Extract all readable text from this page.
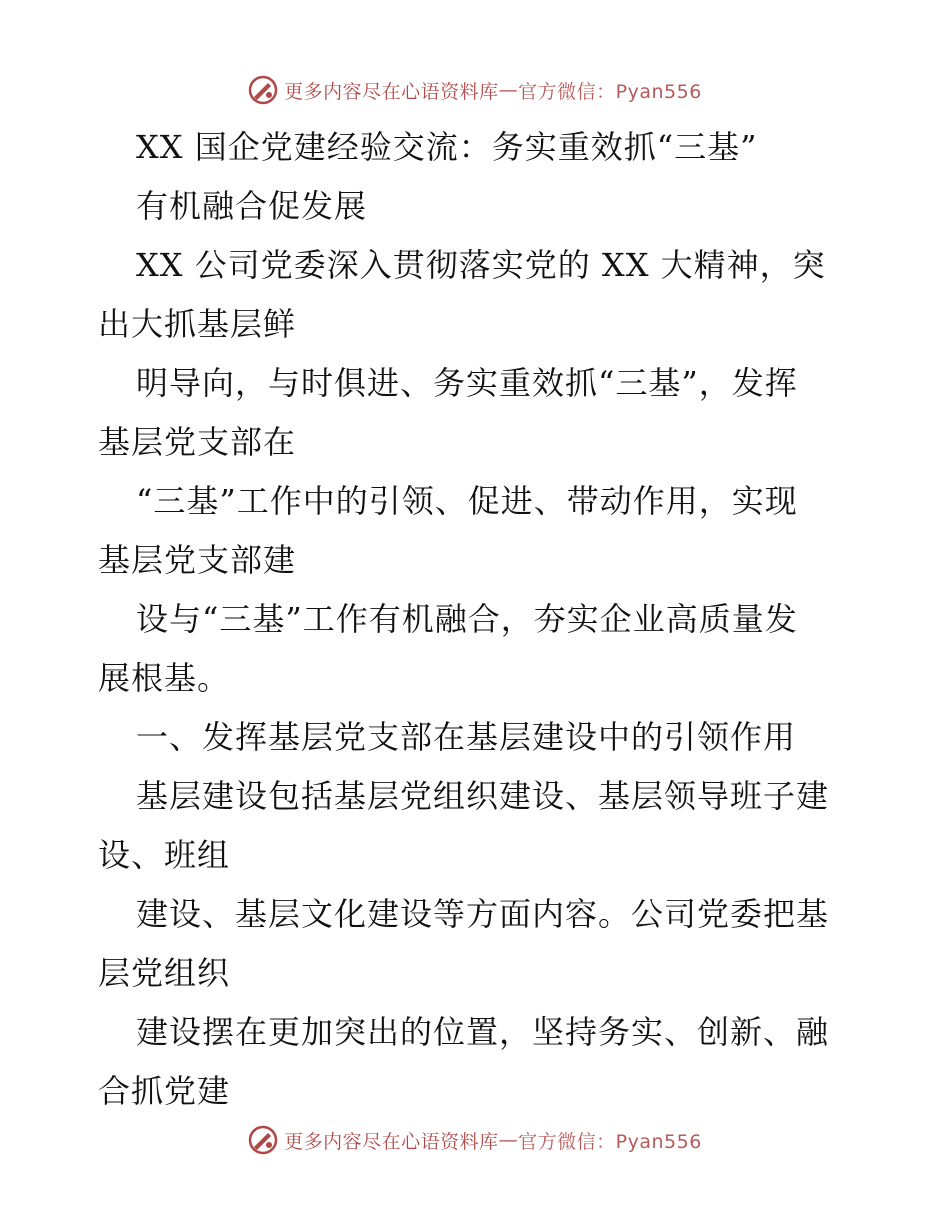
更多内容尽在心语资料库 — 官方微信：Pyan556
XX 国企党建经验交流：务实重效抓“三基”
有机融合促发展
XX 公司党委深入贯彻落实党的 XX 大精神，突
出大抓基层鲜
明导向，与时俱进、务实重效抓“三基”，发挥
基层党支部在
“三基”工作中的引领、促进、带动作用，实现
基层党支部建
设与“三基”工作有机融合，夯实企业高质量发
展根基。
一、发挥基层党支部在基层建设中的引领作用
基层建设包括基层党组织建设、基层领导班子建
设、班组
建设、基层文化建设等方面内容。公司党委把基
层党组织
建设摆在更加突出的位置，坚持务实、创新、融
合抓党建
更多内容尽在心语资料库 — 官方微信：Pyan556
